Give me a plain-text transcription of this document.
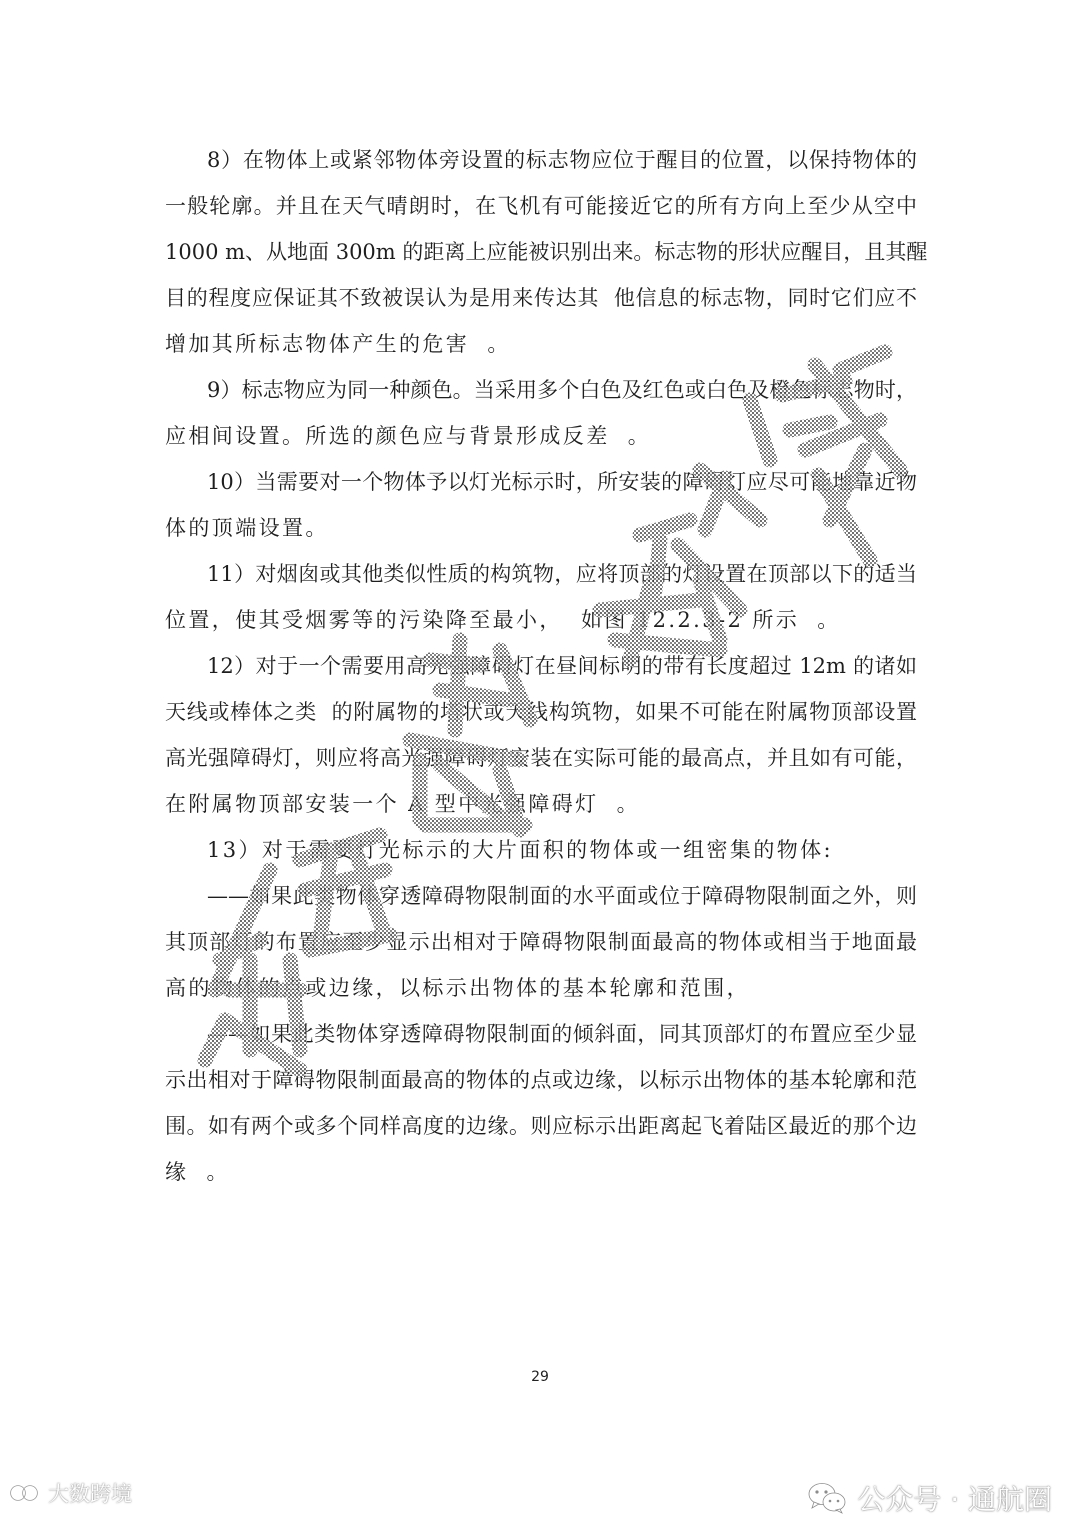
8）在物体上或紧邻物体旁设置的标志物应位于醒目的位置，以保持物体的
一般轮廓。并且在天气晴朗时，在飞机有可能接近它的所有方向上至少从空中
1000 m、从地面 300m 的距离上应能被识别出来。标志物的形状应醒目，且其醒
目的程度应保证其不致被误认为是用来传达其  他信息的标志物，同时它们应不
增加其所标志物体产生的危害  。
9）标志物应为同一种颜色。当采用多个白色及红色或白色及橙色标志物时，
应相间设置。所选的颜色应与背景形成反差  。
10）当需要对一个物体予以灯光标示时，所安装的障碍灯应尽可能地靠近物
体的顶端设置。
11）对烟囱或其他类似性质的构筑物，应将顶部的灯设置在顶部以下的适当
位置，使其受烟雾等的污染降至最小，  如图 12.2.3-2 所示  。
12）对于一个需要用高光强障碍灯在昼间标明的带有长度超过 12m 的诸如
天线或棒体之类  的附属物的塔状或天线构筑物，如果不可能在附属物顶部设置
高光强障碍灯，则应将高光强障碍灯安装在实际可能的最高点，并且如有可能，
在附属物顶部安装一个 A 型中光强障碍灯  。
13）对于需要灯光标示的大片面积的物体或一组密集的物体:
——如果此类物体穿透障碍物限制面的水平面或位于障碍物限制面之外，则
其顶部灯的布置应至少显示出相对于障碍物限制面最高的物体或相当于地面最
高的物体的点或边缘，以标示出物体的基本轮廓和范围，
——如果此类物体穿透障碍物限制面的倾斜面，同其顶部灯的布置应至少显
示出相对于障碍物限制面最高的物体的点或边缘，以标示出物体的基本轮廓和范
围。如有两个或多个同样高度的边缘。则应标示出距离起飞着陆区最近的那个边
缘  。
29
大数跨境	公众号 · 通航圈
